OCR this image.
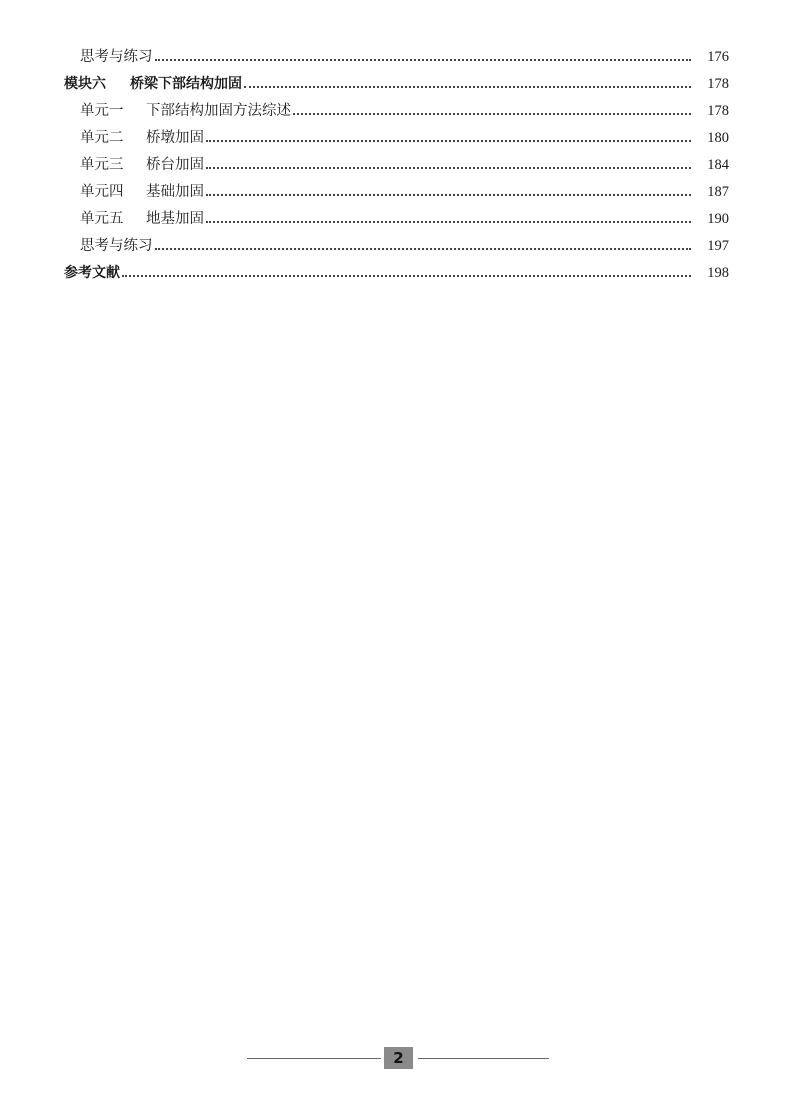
思考与练习	176
模块六	桥梁下部结构加固	178
单元一	下部结构加固方法综述	178
单元二	桥墩加固	180
单元三	桥台加固	184
单元四	基础加固	187
单元五	地基加固	190
思考与练习	197
参考文献	198
2
